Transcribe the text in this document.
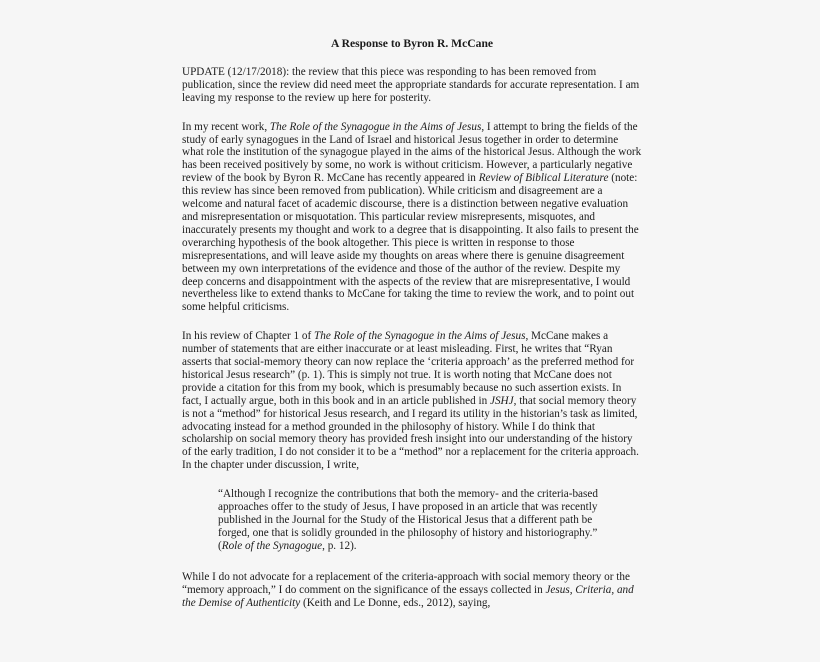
A Response to Byron R. McCane

UPDATE (12/17/2018): the review that this piece was responding to has been removed from publication, since the review did need meet the appropriate standards for accurate representation. I am leaving my response to the review up here for posterity.

In my recent work, The Role of the Synagogue in the Aims of Jesus, I attempt to bring the fields of the study of early synagogues in the Land of Israel and historical Jesus together in order to determine what role the institution of the synagogue played in the aims of the historical Jesus. Although the work has been received positively by some, no work is without criticism. However, a particularly negative review of the book by Byron R. McCane has recently appeared in Review of Biblical Literature (note: this review has since been removed from publication). While criticism and disagreement are a welcome and natural facet of academic discourse, there is a distinction between negative evaluation and misrepresentation or misquotation. This particular review misrepresents, misquotes, and inaccurately presents my thought and work to a degree that is disappointing. It also fails to present the overarching hypothesis of the book altogether. This piece is written in response to those misrepresentations, and will leave aside my thoughts on areas where there is genuine disagreement between my own interpretations of the evidence and those of the author of the review. Despite my deep concerns and disappointment with the aspects of the review that are misrepresentative, I would nevertheless like to extend thanks to McCane for taking the time to review the work, and to point out some helpful criticisms.

In his review of Chapter 1 of The Role of the Synagogue in the Aims of Jesus, McCane makes a number of statements that are either inaccurate or at least misleading. First, he writes that “Ryan asserts that social-memory theory can now replace the ‘criteria approach’ as the preferred method for historical Jesus research” (p. 1). This is simply not true. It is worth noting that McCane does not provide a citation for this from my book, which is presumably because no such assertion exists. In fact, I actually argue, both in this book and in an article published in JSHJ, that social memory theory is not a “method” for historical Jesus research, and I regard its utility in the historian’s task as limited, advocating instead for a method grounded in the philosophy of history. While I do think that scholarship on social memory theory has provided fresh insight into our understanding of the history of the early tradition, I do not consider it to be a “method” nor a replacement for the criteria approach. In the chapter under discussion, I write,

“Although I recognize the contributions that both the memory- and the criteria-based approaches offer to the study of Jesus, I have proposed in an article that was recently published in the Journal for the Study of the Historical Jesus that a different path be forged, one that is solidly grounded in the philosophy of history and historiography.”
(Role of the Synagogue, p. 12).

While I do not advocate for a replacement of the criteria-approach with social memory theory or the “memory approach,” I do comment on the significance of the essays collected in Jesus, Criteria, and the Demise of Authenticity (Keith and Le Donne, eds., 2012), saying,
